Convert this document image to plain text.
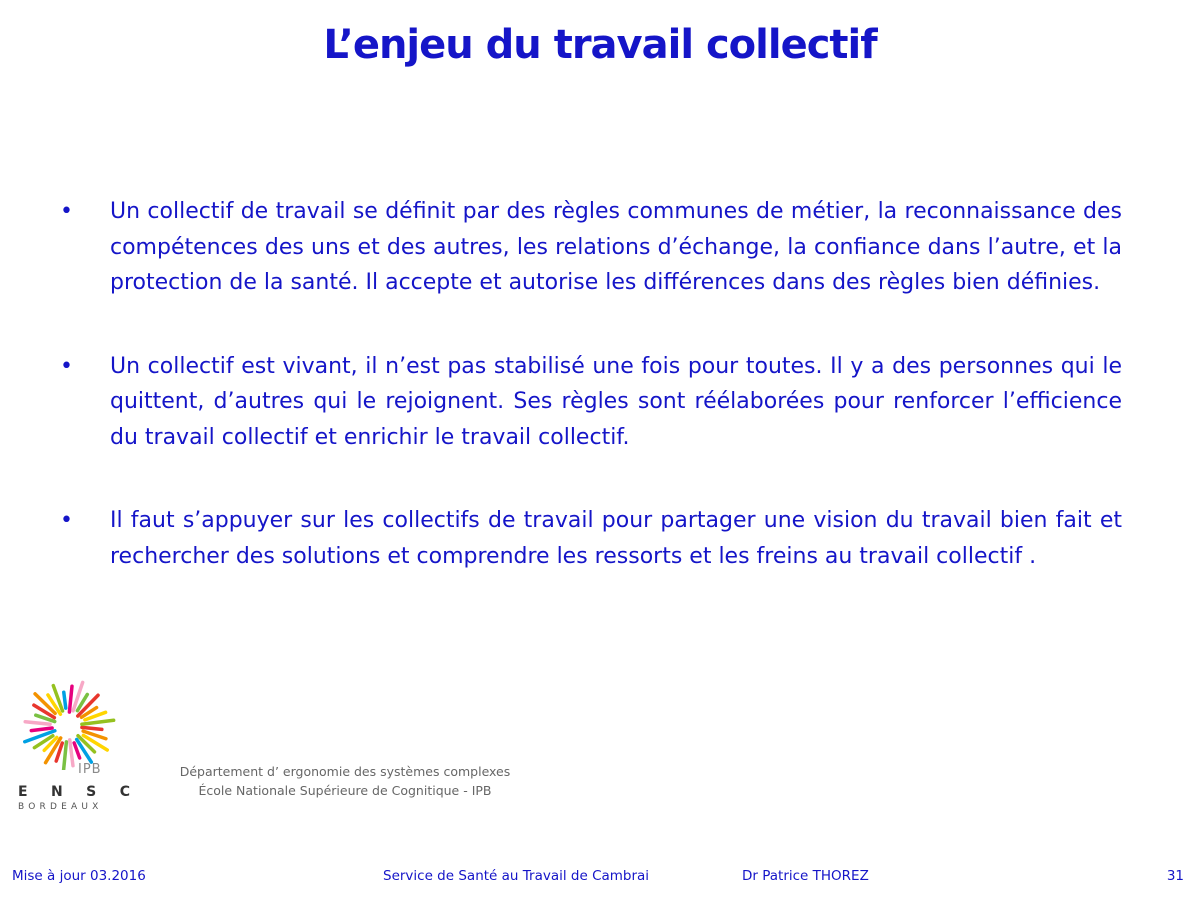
L’enjeu du travail collectif
•	Un collectif de travail se définit par des règles communes de métier, la reconnaissance des compétences des uns et des autres, les relations d’échange, la confiance dans l’autre, et la protection de la santé. Il accepte et autorise les différences dans des règles bien définies.
•	Un collectif est vivant, il n’est pas stabilisé une fois pour toutes. Il y a des personnes qui le quittent, d’autres qui le rejoignent. Ses règles sont réélaborées pour renforcer l’efficience du travail collectif et enrichir le travail collectif.
•	Il faut s’appuyer sur les collectifs de travail pour partager une vision du travail bien fait et rechercher des solutions et comprendre les ressorts et les freins au travail collectif .
IPB
E N S C
BORDEAUX
Département d’ ergonomie des systèmes complexes
École Nationale Supérieure de Cognitique - IPB
Mise à jour 03.2016	Service de Santé au Travail de Cambrai	Dr Patrice THOREZ	31
